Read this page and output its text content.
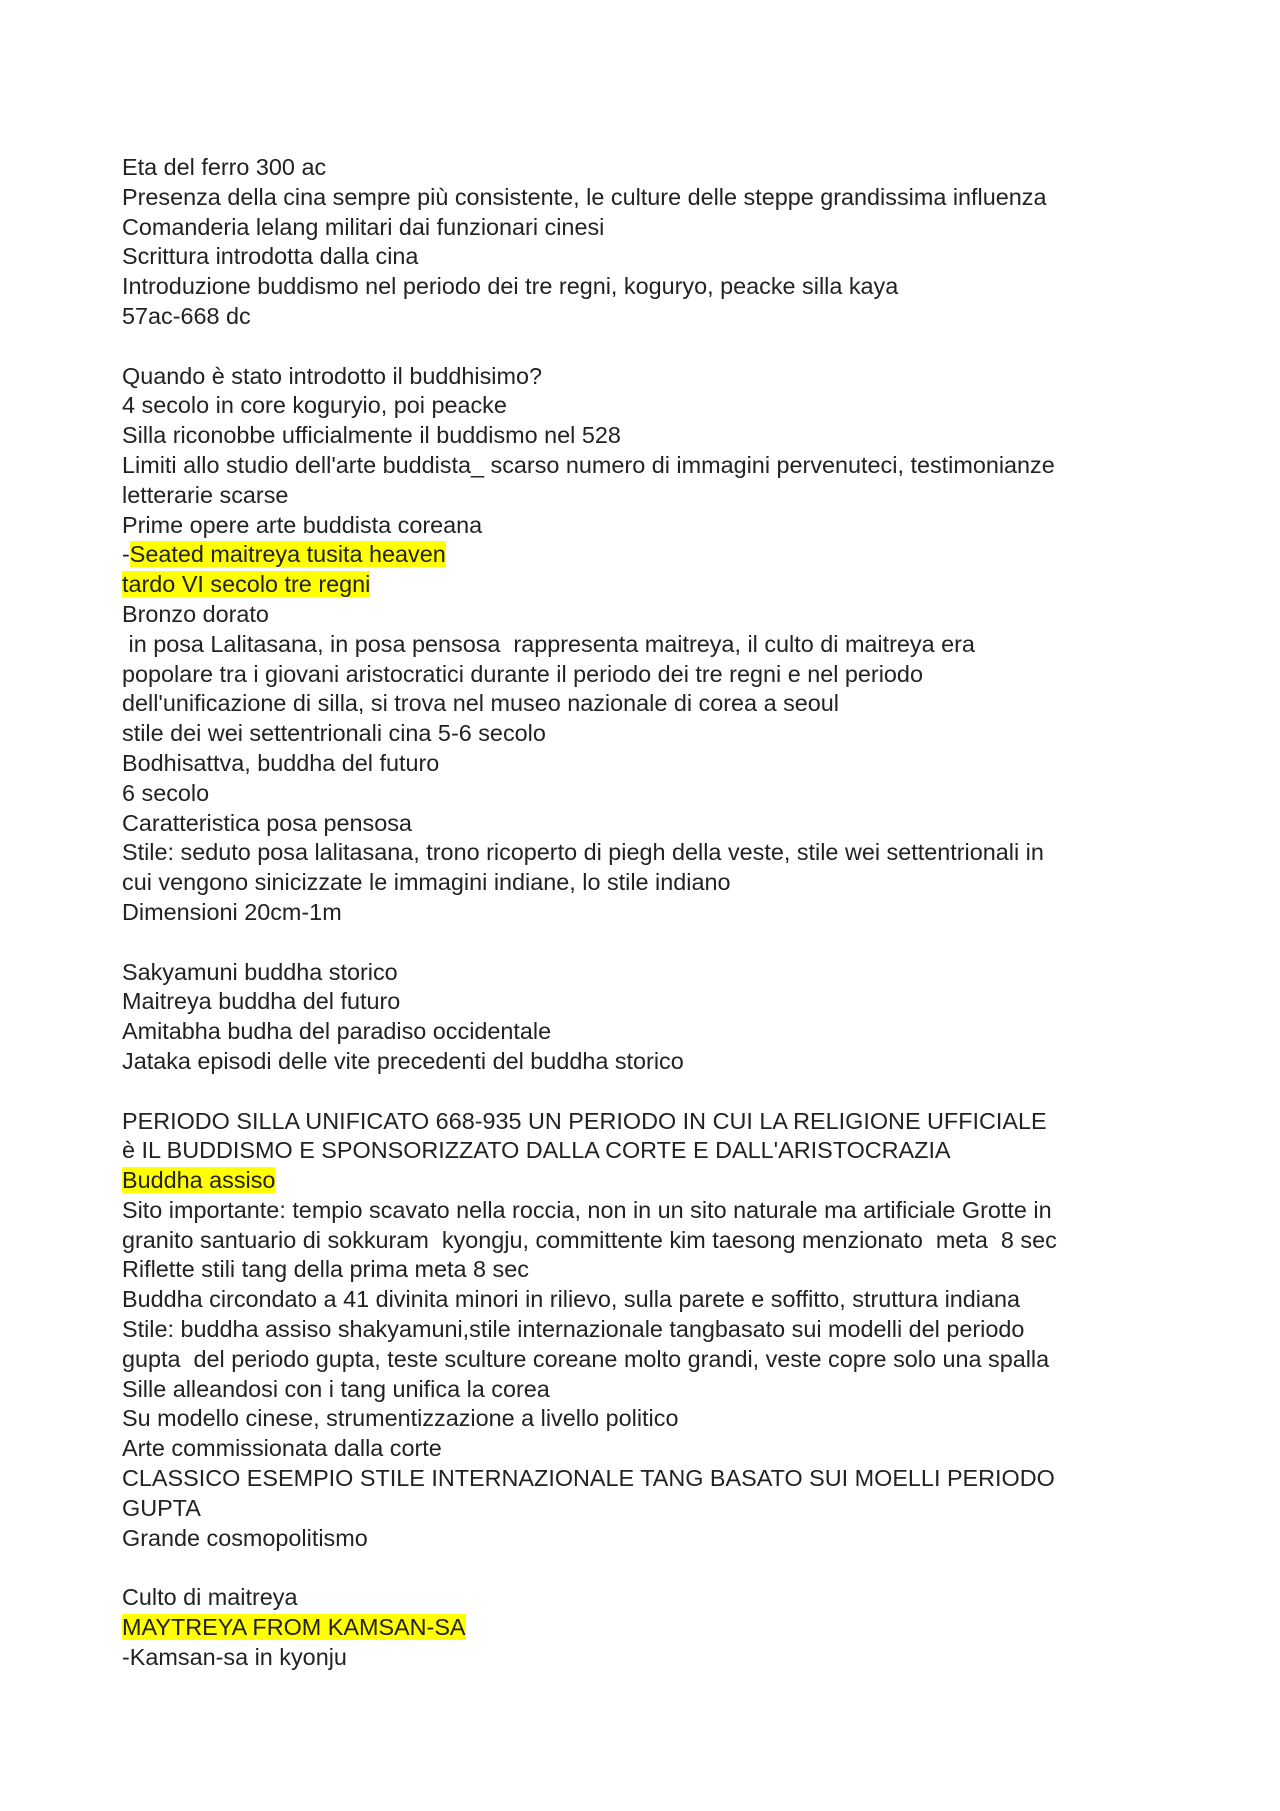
Eta del ferro 300 ac
Presenza della cina sempre più consistente, le culture delle steppe grandissima influenza
Comanderia lelang militari dai funzionari cinesi
Scrittura introdotta dalla cina
Introduzione buddismo nel periodo dei tre regni, koguryo, peacke silla kaya
57ac-668 dc
Quando è stato introdotto il buddhisimo?
4 secolo in core koguryio, poi peacke
Silla riconobbe ufficialmente il buddismo nel 528
Limiti allo studio dell'arte buddista_ scarso numero di immagini pervenuteci, testimonianze
letterarie scarse
Prime opere arte buddista coreana
-Seated maitreya tusita heaven
tardo VI secolo tre regni
Bronzo dorato
in posa Lalitasana, in posa pensosa  rappresenta maitreya, il culto di maitreya era
popolare tra i giovani aristocratici durante il periodo dei tre regni e nel periodo
dell'unificazione di silla, si trova nel museo nazionale di corea a seoul
stile dei wei settentrionali cina 5-6 secolo
Bodhisattva, buddha del futuro
6 secolo
Caratteristica posa pensosa
Stile: seduto posa lalitasana, trono ricoperto di piegh della veste, stile wei settentrionali in
cui vengono sinicizzate le immagini indiane, lo stile indiano
Dimensioni 20cm-1m
Sakyamuni buddha storico
Maitreya buddha del futuro
Amitabha budha del paradiso occidentale
Jataka episodi delle vite precedenti del buddha storico
PERIODO SILLA UNIFICATO 668-935 UN PERIODO IN CUI LA RELIGIONE UFFICIALE
è IL BUDDISMO E SPONSORIZZATO DALLA CORTE E DALL'ARISTOCRAZIA
Buddha assiso
Sito importante: tempio scavato nella roccia, non in un sito naturale ma artificiale Grotte in
granito santuario di sokkuram  kyongju, committente kim taesong menzionato  meta  8 sec
Riflette stili tang della prima meta 8 sec
Buddha circondato a 41 divinita minori in rilievo, sulla parete e soffitto, struttura indiana
Stile: buddha assiso shakyamuni,stile internazionale tangbasato sui modelli del periodo
gupta  del periodo gupta, teste sculture coreane molto grandi, veste copre solo una spalla
Sille alleandosi con i tang unifica la corea
Su modello cinese, strumentizzazione a livello politico
Arte commissionata dalla corte
CLASSICO ESEMPIO STILE INTERNAZIONALE TANG BASATO SUI MOELLI PERIODO
GUPTA
Grande cosmopolitismo
Culto di maitreya
MAYTREYA FROM KAMSAN-SA
-Kamsan-sa in kyonju
